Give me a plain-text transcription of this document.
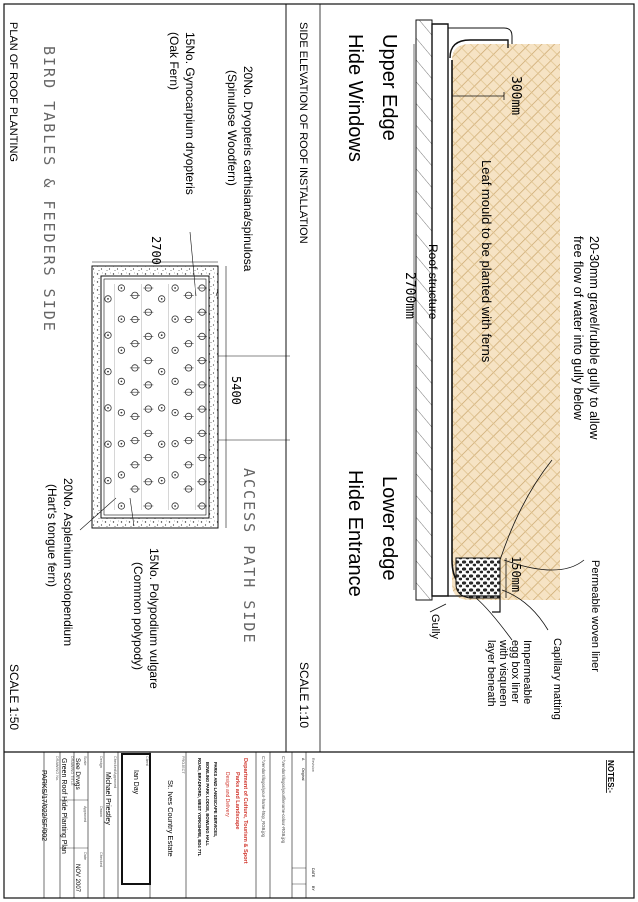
SIDE ELEVATION OF ROOF INSTALLATION
SCALE 1:10
Upper Edge
Hide Windows
Lower edge
Hide Entrance
300mm
150mm
2700mm	Leaf mould to be planted with ferns
Roof structure	20-30mm gravel/rubble gully to allow
free flow of water into gully below
Permeable woven liner
Capillary matting
Impermeable
egg box liner
with visqueen
layer beneath
Gully
PLAN OF ROOF PLANTING
SCALE 1:50
BIRD TABLES & FEEDERS SIDE
ACCESS PATH SIDE
2700
5400
20No. Dryopteris carthisiana/spinulosa
(Spinulose Woodfern)
15No. Gynocarpium dryopteris
(Oak Fern)
20No. Asplenium scolopendium
(Hart's tongue fern)
15No. Polypodium vulgare
(Common polypody)
NOTES:-
Revision
A
Original
DATE
BY
C:\Vendors\logos\yourfilename-colour-RGB.jpg
C:\Vendors\logos\your-frame-htop_RGB.jpg
Department of Culture, Tourism & Sport
Parks and Landscape
Design and Delivery
PARKS AND LANDSCAPE SERVICES,
BOWLING PARK LODGE, BOWLING HALL
ROAD, BRADFORD, WEST YORKSHIRE, BD4 7TL
PROJECT
St. Ives Country Estate
Client
Ian Day
Checked/Approved
Michael Priestley
Design
Drawn
Checked
Scale
Approved
Date
See Drwgs
NOV 2007
DRAWING TITLE
Green Roof Hide Planting Plan
DRAWING No.
PARKS/17/022/SF/002
